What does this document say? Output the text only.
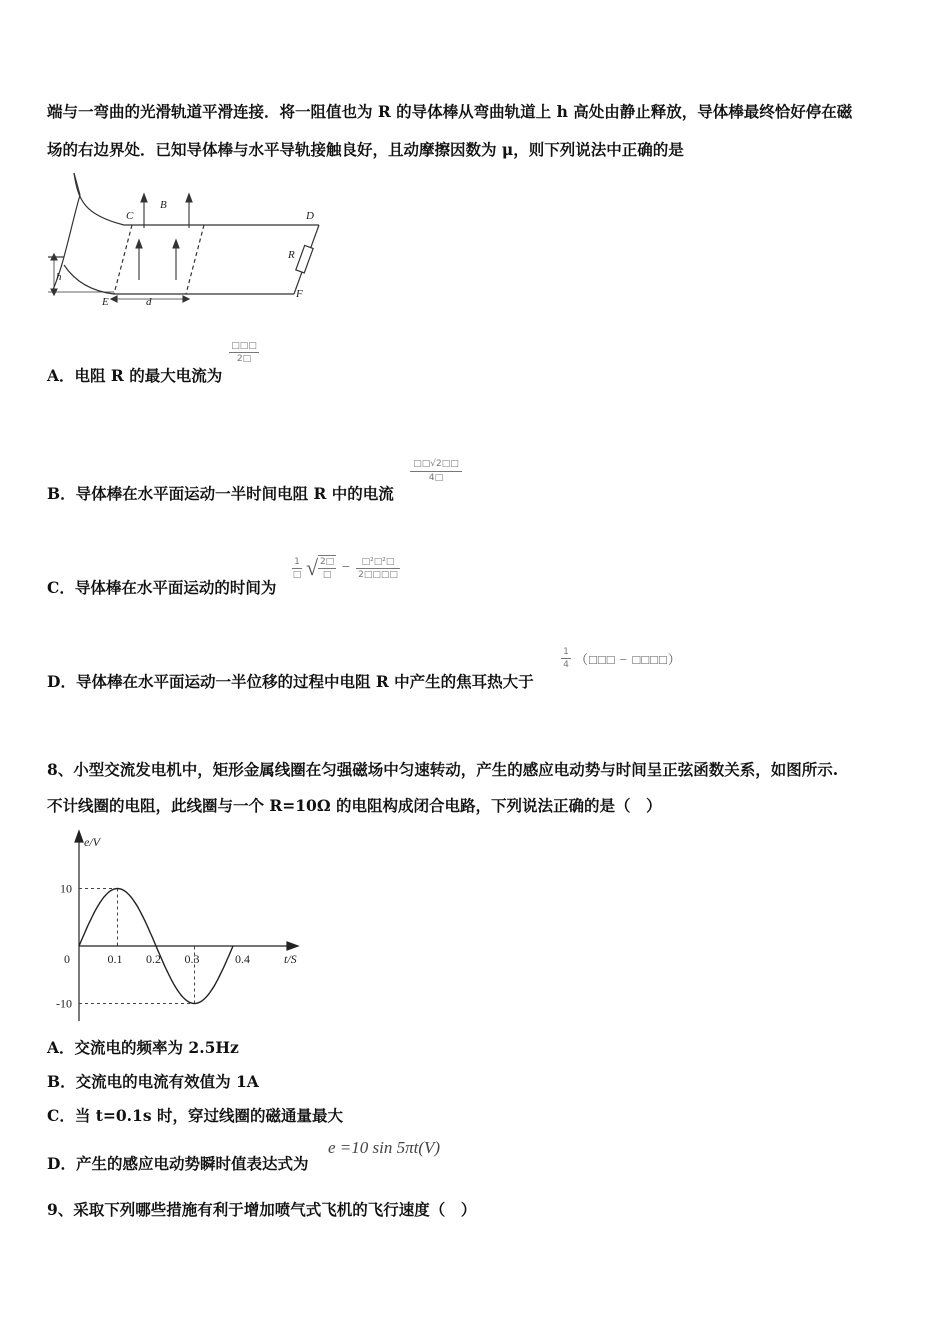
端与一弯曲的光滑轨道平滑连接．将一阻值也为 R 的导体棒从弯曲轨道上 h 高处由静止释放，导体棒最终恰好停在磁
场的右边界处．已知导体棒与水平导轨接触良好，且动摩擦因数为 μ，则下列说法中正确的是
C
B
D
R
h
E	d
F
A．电阻 R 的最大电流为
□□□
2□
B．导体棒在水平面运动一半时间电阻 R 中的电流
$\frac{□□√2□□}{4□}$
C．导体棒在水平面运动的时间为
1
□ √ 2□
□ −	□²□²□
2□□□□
D．导体棒在水平面运动一半位移的过程中电阻 R 中产生的焦耳热大于
$\frac{1}{4}$ （□□□ − □□□□）
8、小型交流发电机中，矩形金属线圈在匀强磁场中匀速转动，产生的感应电动势与时间呈正弦函数关系，如图所示.
不计线圈的电阻，此线圈与一个 R=10Ω 的电阻构成闭合电路，下列说法正确的是（　）
e/V
t/S
0	0.1 0.2 0.3	0.4
10
-10
A．交流电的频率为 2.5Hz
B．交流电的电流有效值为 1A
C．当 t=0.1s 时，穿过线圈的磁通量最大
D．产生的感应电动势瞬时值表达式为
e =10 sin 5πt(V)
9、采取下列哪些措施有利于增加喷气式飞机的飞行速度（　）
